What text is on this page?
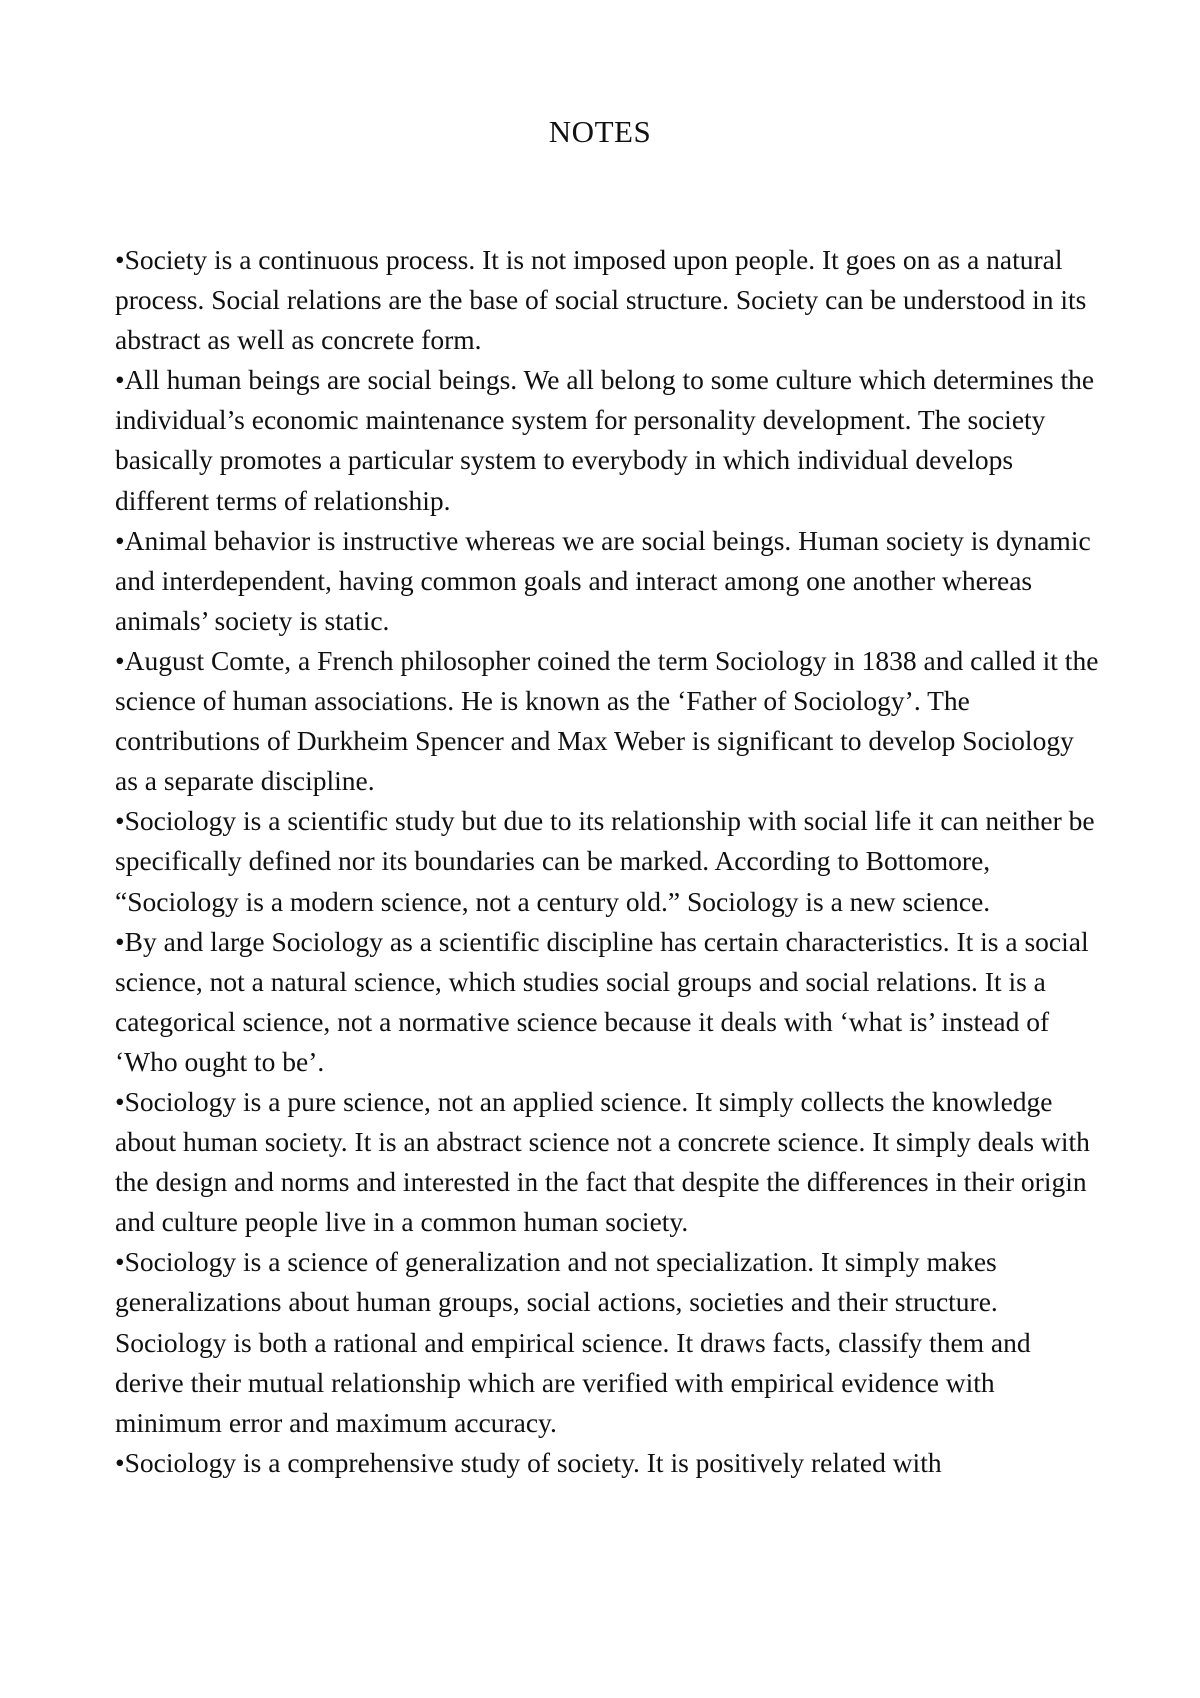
NOTES

•Society is a continuous process. It is not imposed upon people. It goes on as a natural process. Social relations are the base of social structure. Society can be understood in its abstract as well as concrete form.

•All human beings are social beings. We all belong to some culture which determines the individual’s economic maintenance system for personality development. The society basically promotes a particular system to everybody in which individual develops different terms of relationship.

•Animal behavior is instructive whereas we are social beings. Human society is dynamic and interdependent, having common goals and interact among one another whereas animals’ society is static.

•August Comte, a French philosopher coined the term Sociology in 1838 and called it the science of human associations. He is known as the ‘Father of Sociology’. The contributions of Durkheim Spencer and Max Weber is significant to develop Sociology as a separate discipline.

•Sociology is a scientific study but due to its relationship with social life it can neither be specifically defined nor its boundaries can be marked. According to Bottomore, “Sociology is a modern science, not a century old.” Sociology is a new science.

•By and large Sociology as a scientific discipline has certain characteristics. It is a social science, not a natural science, which studies social groups and social relations. It is a categorical science, not a normative science because it deals with ‘what is’ instead of ‘Who ought to be’.

•Sociology is a pure science, not an applied science. It simply collects the knowledge about human society. It is an abstract science not a concrete science. It simply deals with the design and norms and interested in the fact that despite the differences in their origin and culture people live in a common human society.

•Sociology is a science of generalization and not specialization. It simply makes generalizations about human groups, social actions, societies and their structure. Sociology is both a rational and empirical science. It draws facts, classify them and derive their mutual relationship which are verified with empirical evidence with minimum error and maximum accuracy.

•Sociology is a comprehensive study of society. It is positively related with
